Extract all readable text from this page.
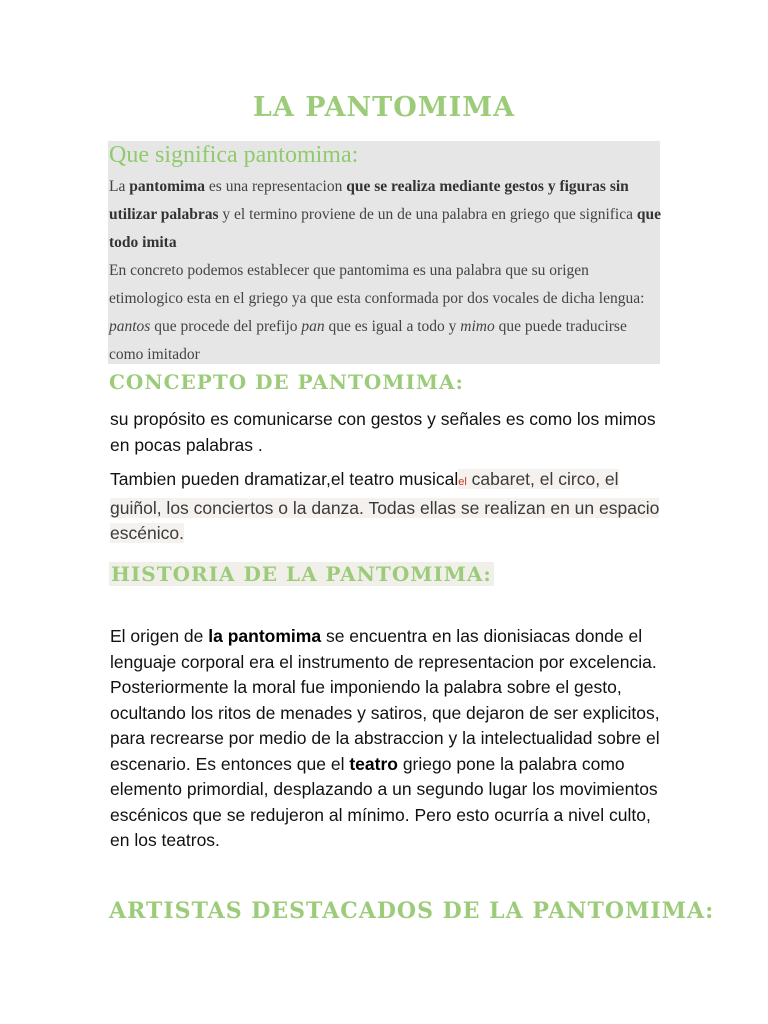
LA PANTOMIMA
Que significa pantomima:

La pantomima es una representacion que se realiza mediante gestos y figuras sin utilizar palabras y el termino proviene de un de una palabra en griego que significa que todo imita

En concreto podemos establecer que pantomima es una palabra que su origen etimologico esta en el griego ya que esta conformada por dos vocales de dicha lengua: pantos que procede del prefijo pan que es igual a todo y mimo que puede traducirse como imitador

CONCEPTO DE PANTOMIMA:

su propósito es comunicarse con gestos y señales es como los mimos en pocas palabras .

Tambien pueden dramatizar,el teatro musicalel cabaret, el circo, el guiñol, los conciertos o la danza. Todas ellas se realizan en un espacio escénico.

HISTORIA DE LA PANTOMIMA:

El origen de la pantomima se encuentra en las dionisiacas donde el lenguaje corporal era el instrumento de representacion por excelencia. Posteriormente la moral fue imponiendo la palabra sobre el gesto, ocultando los ritos de menades y satiros, que dejaron de ser explicitos, para recrearse por medio de la abstraccion y la intelectualidad sobre el escenario. Es entonces que el teatro griego pone la palabra como elemento primordial, desplazando a un segundo lugar los movimientos escénicos que se redujeron al mínimo. Pero esto ocurría a nivel culto, en los teatros.

ARTISTAS DESTACADOS DE LA PANTOMIMA:
